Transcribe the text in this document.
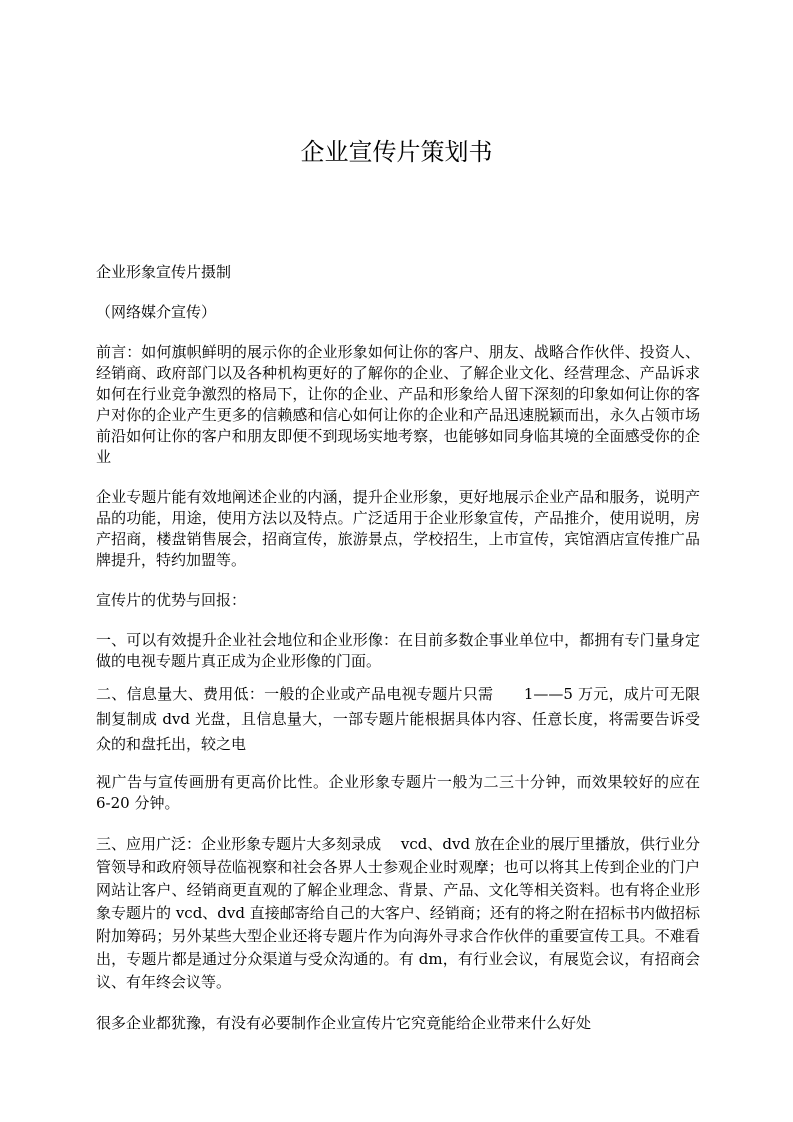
企业宣传片策划书

企业形象宣传片摄制

（网络媒介宣传）

前言：如何旗帜鲜明的展示你的企业形象如何让你的客户、朋友、战略合作伙伴、投资人、经销商、政府部门以及各种机构更好的了解你的企业、了解企业文化、经营理念、产品诉求如何在行业竞争激烈的格局下，让你的企业、产品和形象给人留下深刻的印象如何让你的客户对你的企业产生更多的信赖感和信心如何让你的企业和产品迅速脱颖而出，永久占领市场前沿如何让你的客户和朋友即便不到现场实地考察，也能够如同身临其境的全面感受你的企业

企业专题片能有效地阐述企业的内涵，提升企业形象，更好地展示企业产品和服务，说明产品的功能，用途，使用方法以及特点。广泛适用于企业形象宣传，产品推介，使用说明，房产招商，楼盘销售展会，招商宣传，旅游景点，学校招生，上市宣传，宾馆酒店宣传推广品牌提升，特约加盟等。

宣传片的优势与回报：

一、可以有效提升企业社会地位和企业形像：在目前多数企事业单位中，都拥有专门量身定做的电视专题片真正成为企业形像的门面。

二、信息量大、费用低：一般的企业或产品电视专题片只需　　1——5 万元，成片可无限制复制成 dvd 光盘，且信息量大，一部专题片能根据具体内容、任意长度，将需要告诉受众的和盘托出，较之电

视广告与宣传画册有更高价比性。企业形象专题片一般为二三十分钟，而效果较好的应在 6-20 分钟。

三、应用广泛：企业形象专题片大多刻录成　 vcd、dvd 放在企业的展厅里播放，供行业分管领导和政府领导莅临视察和社会各界人士参观企业时观摩；也可以将其上传到企业的门户网站让客户、经销商更直观的了解企业理念、背景、产品、文化等相关资料。也有将企业形象专题片的 vcd、dvd 直接邮寄给自己的大客户、经销商；还有的将之附在招标书内做招标附加筹码；另外某些大型企业还将专题片作为向海外寻求合作伙伴的重要宣传工具。不难看出，专题片都是通过分众渠道与受众沟通的。有 dm，有行业会议，有展览会议，有招商会议、有年终会议等。

很多企业都犹豫，有没有必要制作企业宣传片它究竟能给企业带来什么好处
